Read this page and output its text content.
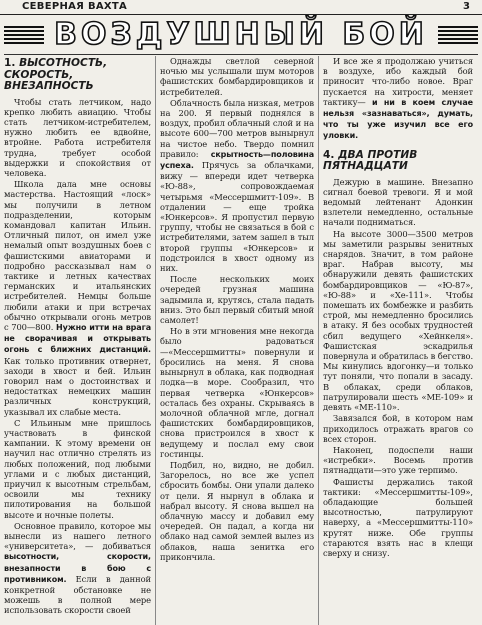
СЕВЕРНАЯ ВАХТА	3
ВОЗДУШНЫЙ БОЙ
1. ВЫСОТНОСТЬ, СКОРОСТЬ, ВНЕЗАПНОСТЬ

Чтобы стать летчиком, надо крепко любить авиацию. Чтобы стать летчиком-истребителем, нужно любить ее вдвойне, втройне. Работа истребителя трудна, требует особой выдержки и спокойствия от человека.

Школа дала мне основы мастерства. Настоящий «лоск» мы получили в летном подразделении, которым командовал капитан Ильин. Отличный пилот, он имел уже немалый опыт воздушных боев с фашистскими авиаторами и подробно рассказывал нам о тактике и летных качествах германских и итальянских истребителей. Немцы больше любили атаки и при встречах обычно открывали огонь метров с 700—800. Нужно итти на врага не сворачивая и открывать огонь с ближних дистанций. Как только противник отвернет, заходи в хвост и бей. Ильин говорил нам о достоинствах и недостатках немецких машин различных конструкций, указывал их слабые места.

С Ильиным мне пришлось участвовать в финской кампании. К этому времени он научил нас отлично стрелять из любых положений, под любыми углами и с любых дистанций, приучил к высотным стрельбам, освоили мы технику пилотирования на большой высоте и ночные полеты.

Основное правило, которое мы вынесли из нашего летного «университета», — добиваться высотности, скорости, внезапности в бою с противником. Если в данной конкретной обстановке не можешь в полной мере использовать скорости своей

Однажды светлой северной ночью мы услышали шум моторов фашистских бомбардировщиков и истребителей.

Облачность была низкая, метров на 200. Я первый поднялся в воздух, пробил облачный слой и на высоте 600—700 метров вынырнул на чистое небо. Твердо помнил правило: скрытность—половина успеха. Прячусь за облачками, вижу — впереди идет четверка «Ю-88», сопровождаемая четырьмя «Мессершмитт-109». В отдалении — еще тройка «Юнкерсов». Я пропустил первую группу, чтобы не связаться в бой с истребителями, затем зашел в тыл второй группы «Юнкерсов» и подстроился в хвост одному из них.

После нескольких моих очередей грузная машина задымила и, крутясь, стала падать вниз. Это был первый сбитый мной самолет!

Но в эти мгновения мне некогда было радоваться—«Мессершмитты» повернули и бросились на меня. Я снова вынырнул в облака, как подводная лодка—в море. Сообразил, что первая четверка «Юнкерсов» осталась без охраны. Скрываясь в молочной облачной мгле, догнал фашистских бомбардировщиков, снова пристроился в хвост к ведущему и послал ему свои гостинцы.

Подбил, но, видно, не добил. Загорелось, но все же успел сбросить бомбы. Они упали далеко от цели. Я нырнул в облака и набрал высоту. Я снова вышел на облачную массу и добавил ему очередей. Он падал, а когда ни облако над самой землей вылез из облаков, наша зенитка его прикончила.

И все же я продолжаю учиться в воздухе, ибо каждый бой приносит что-либо новое. Враг пускается на хитрости, меняет тактику— и ни в коем случае нельзя «зазнаваться», думать, что ты уже изучил все его уловки.

4. ДВА ПРОТИВ ПЯТНАДЦАТИ

Дежурю в машине. Внезапно сигнал боевой тревоги. Я и мой ведомый лейтенант Адонкин взлетели немедленно, остальные начали подниматься.

На высоте 3000—3500 метров мы заметили разрывы зенитных снарядов. Значит, в том районе враг. Набрав высоту, мы обнаружили девять фашистских бомбардировщиков — «Ю-87», «Ю-88» и «Хе-111». Чтобы помешать их бомбежке и разбить строй, мы немедленно бросились в атаку. Я без особых трудностей сбил ведущего «Хейнкеля». Фашистская эскадрилья повернула и обратилась в бегство. Мы кинулись вдогонку—и только тут поняли, что попали в засаду. В облаках, среди облаков, патрулировали шесть «МЕ-109» и девять «МЕ-110».

Завязался бой, в котором нам приходилось отражать врагов со всех сторон.

Наконец, подоспели наши «истребки». Восемь против пятнадцати—это уже терпимо.

Фашисты держались такой тактики: «Мессершмитты-109», обладающие большей высотностью, патрулируют наверху, а «Мессершмитты-110» крутят ниже. Обе группы стараются взять нас в клещи сверху и снизу.
